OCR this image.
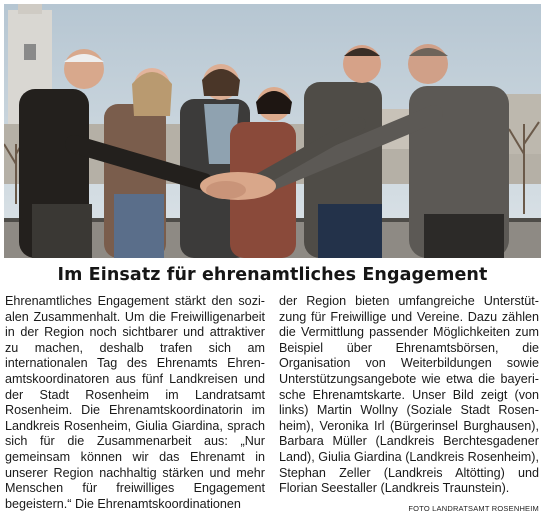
Im Einsatz für ehrenamtliches Engagement
Ehrenamtliches Engagement stärkt den sozialen Zusammenhalt. Um die Freiwilligenarbeit in der Region noch sichtbarer und attraktiver zu machen, deshalb trafen sich am internationalen Tag des Ehrenamts Ehrenamtskoordinatoren aus fünf Landkreisen und der Stadt Rosenheim im Landratsamt Rosenheim. Die Ehrenamtskoordinatorin im Landkreis Rosenheim, Giulia Giardina, sprach sich für die Zusammenarbeit aus: „Nur gemeinsam können wir das Ehrenamt in unserer Region nachhaltig stärken und mehr Menschen für freiwilliges Engagement begeistern.“ Die Ehrenamtskoordinationen
der Region bieten umfangreiche Unterstützung für Freiwillige und Vereine. Dazu zählen die Vermittlung passender Möglichkeiten zum Beispiel über Ehrenamtsbörsen, die Organisation von Weiterbildungen sowie Unterstützungsangebote wie etwa die bayerische Ehrenamtskarte. Unser Bild zeigt (von links) Martin Wollny (Soziale Stadt Rosenheim), Veronika Irl (Bürgerinsel Burghausen), Barbara Müller (Landkreis Berchtesgadener Land), Giulia Giardina (Landkreis Rosenheim), Stephan Zeller (Landkreis Altötting) und Florian Seestaller (Landkreis Traunstein).
FOTO LANDRATSAMT ROSENHEIM
